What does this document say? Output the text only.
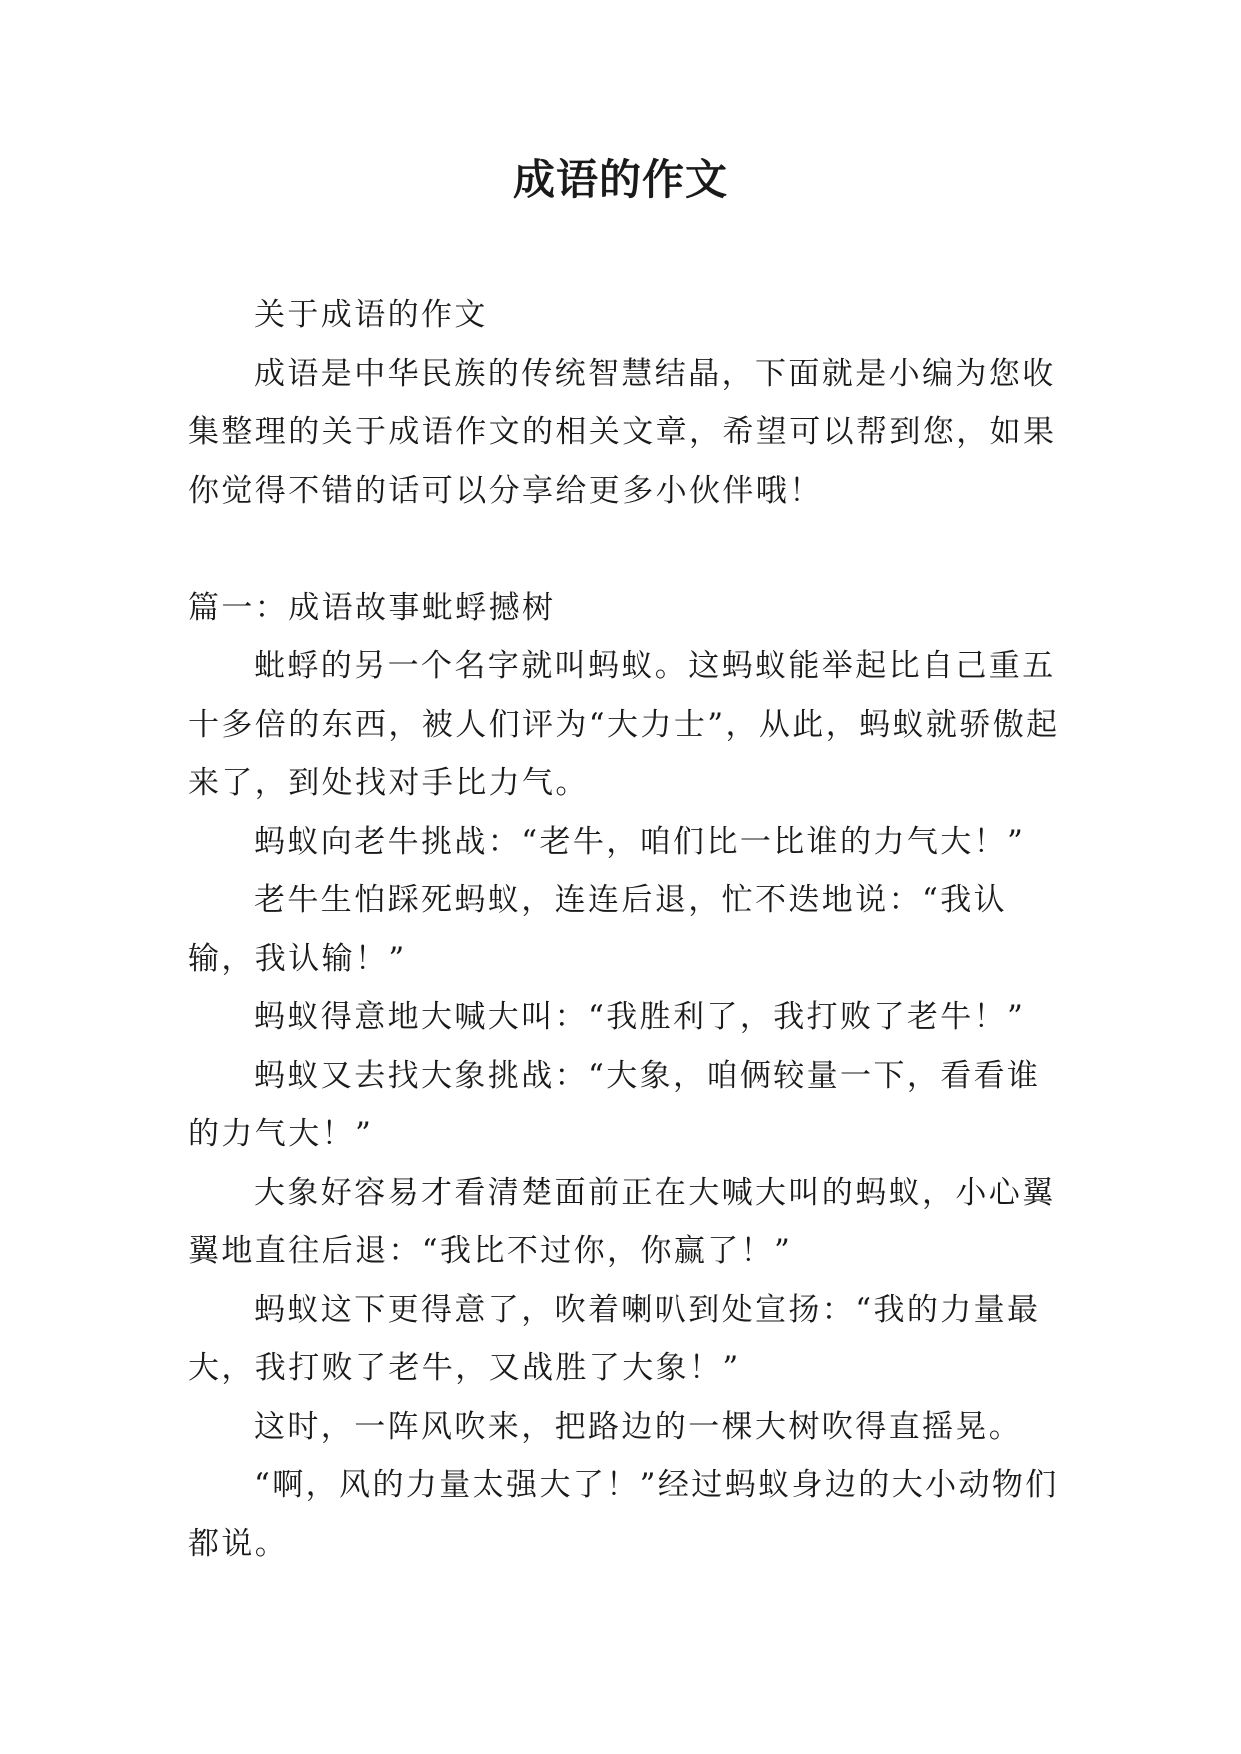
成语的作文

关于成语的作文

成语是中华民族的传统智慧结晶，下面就是小编为您收集整理的关于成语作文的相关文章，希望可以帮到您，如果你觉得不错的话可以分享给更多小伙伴哦！

篇一：成语故事蚍蜉撼树

蚍蜉的另一个名字就叫蚂蚁。这蚂蚁能举起比自己重五十多倍的东西，被人们评为“大力士”，从此，蚂蚁就骄傲起来了，到处找对手比力气。

蚂蚁向老牛挑战：“老牛，咱们比一比谁的力气大！”

老牛生怕踩死蚂蚁，连连后退，忙不迭地说：“我认输，我认输！”

蚂蚁得意地大喊大叫：“我胜利了，我打败了老牛！”

蚂蚁又去找大象挑战：“大象，咱俩较量一下，看看谁的力气大！”

大象好容易才看清楚面前正在大喊大叫的蚂蚁，小心翼翼地直往后退：“我比不过你，你赢了！”

蚂蚁这下更得意了，吹着喇叭到处宣扬：“我的力量最大，我打败了老牛，又战胜了大象！”

这时，一阵风吹来，把路边的一棵大树吹得直摇晃。

“啊，风的力量太强大了！”经过蚂蚁身边的大小动物们都说。
